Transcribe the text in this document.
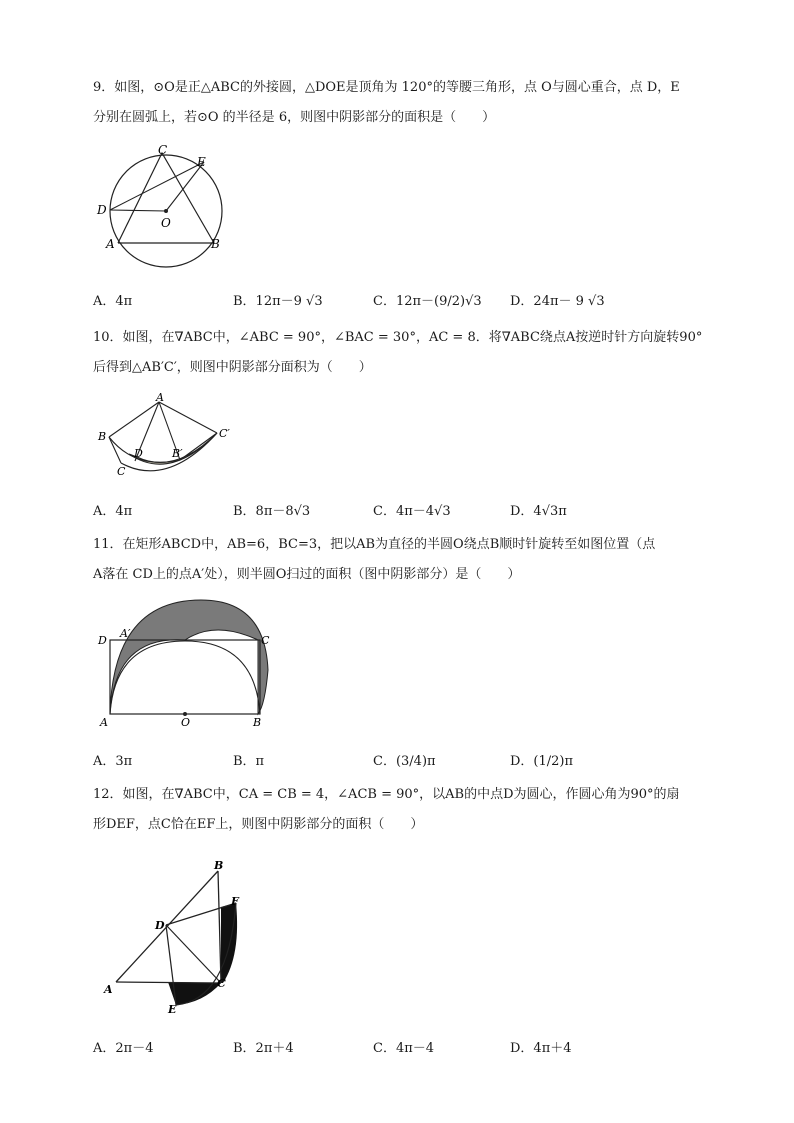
9．如图，⊙O是正△ABC的外接圆，△DOE是顶角为 120°的等腰三角形，点 O与圆心重合，点 D，E
分别在圆弧上，若⊙O 的半径是 6，则图中阴影部分的面积是（　　）
C
E
D
O
A	B
A．4π	B．12π－9 √3	C．12π－(9/2)√3 D．24π－ 9 √3
10．如图，在∇ABC中，∠ABC = 90°，∠BAC = 30°，AC = 8．将∇ABC绕点A按逆时针方向旋转90°
后得到△AB′C′，则图中阴影部分面积为（　　）
A
B
C
D	B′
C′
A．4π	B．8π－8√3	C．4π－4√3	D．4√3π
11．在矩形ABCD中，AB=6，BC=3，把以AB为直径的半圆O绕点B顺时针旋转至如图位置（点
A落在 CD上的点A′处），则半圆O扫过的面积（图中阴影部分）是（　　）
D
A′
C
A	O	B
A．3π	B．π	C．(3/4)π	D．(1/2)π
12．如图，在∇ABC中，CA = CB = 4，∠ACB = 90°，以AB的中点D为圆心，作圆心角为90°的扇
形DEF，点C恰在EF上，则图中阴影部分的面积（　　）
B
F
D
A	C
E
A．2π－4	B．2π＋4	C．4π－4	D．4π＋4
